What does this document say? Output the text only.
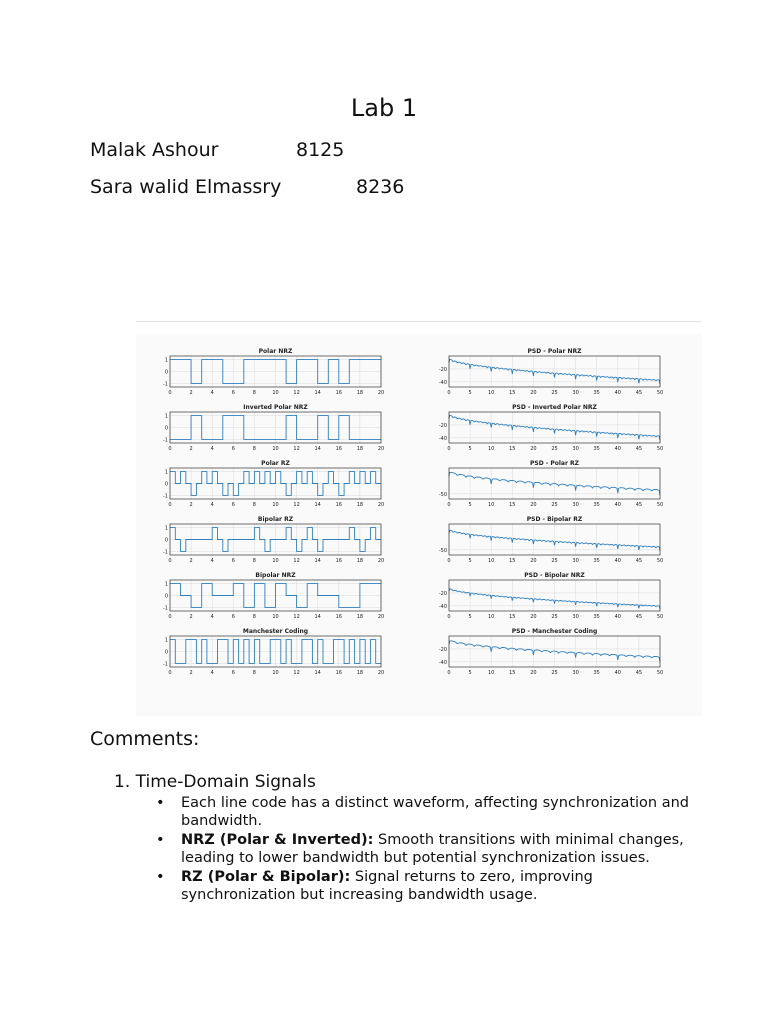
Lab 1
Malak Ashour	8125
Sara walid Elmassry	8236
Polar NRZ
0	2	4	6	8	10	12	14	16	18	20
1
0
-1
PSD - Polar NRZ
0	5	10	15	20	25	30	35	40	45	50
-20
-40
Inverted Polar NRZ
0	2	4	6	8	10	12	14	16	18	20
1
0
-1
PSD - Inverted Polar NRZ
0	5	10	15	20	25	30	35	40	45	50
-20
-40
Polar RZ
0	2	4	6	8	10	12	14	16	18	20
1
0
-1
PSD - Polar RZ
0	5	10	15	20	25	30	35	40	45	50
-50
Bipolar RZ
0	2	4	6	8	10	12	14	16	18	20
1
0
-1
PSD - Bipolar RZ
0	5	10	15	20	25	30	35	40	45	50
-50
Bipolar NRZ
0	2	4	6	8	10	12	14	16	18	20
1
0
-1
PSD - Bipolar NRZ
0	5	10	15	20	25	30	35	40	45	50
-20
-40
Manchester Coding
0	2	4	6	8	10	12	14	16	18	20
1
0
-1
PSD - Manchester Coding
0	5	10	15	20	25	30	35	40	45	50
-20
-40
Comments:
1. Time-Domain Signals
• Each line code has a distinct waveform, affecting synchronization and bandwidth.
• NRZ (Polar & Inverted): Smooth transitions with minimal changes, leading to lower bandwidth but potential synchronization issues.
• RZ (Polar & Bipolar): Signal returns to zero, improving synchronization but increasing bandwidth usage.
